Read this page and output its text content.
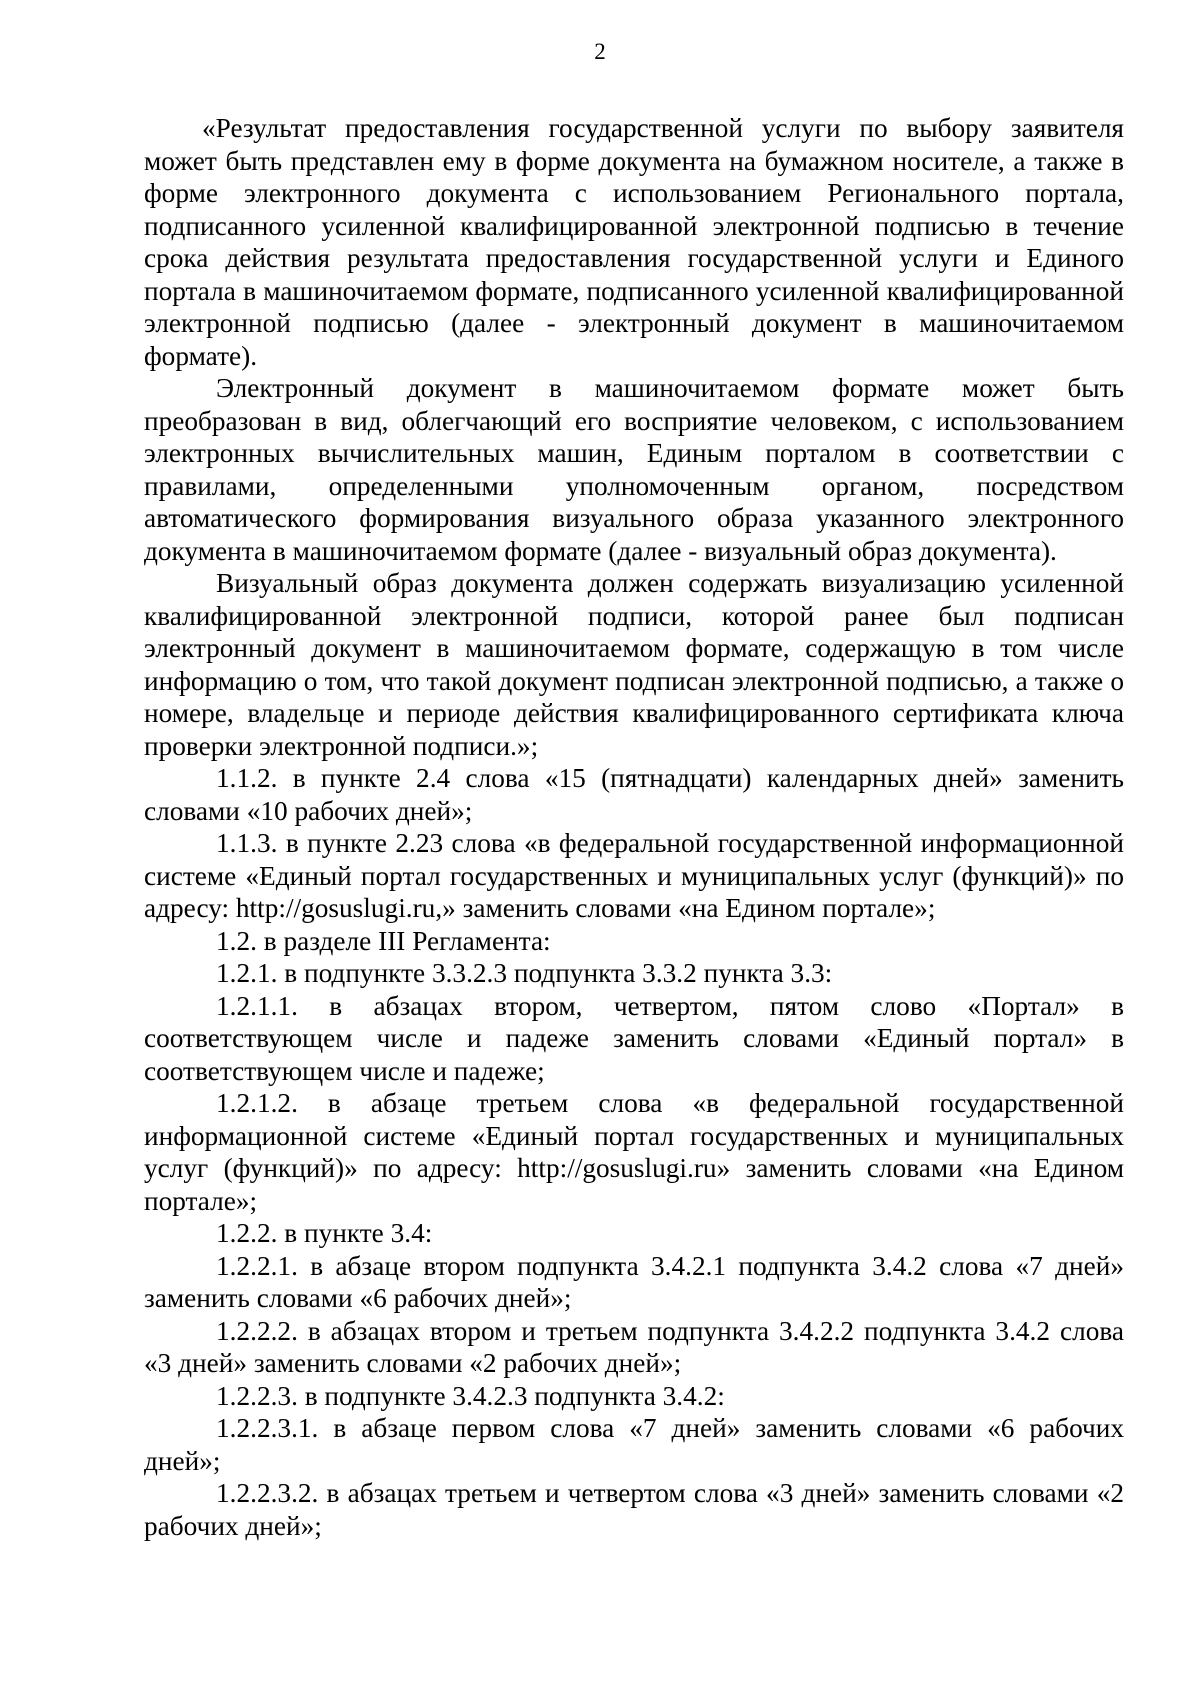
2

«Результат предоставления государственной услуги по выбору заявителя может быть представлен ему в форме документа на бумажном носителе, а также в форме электронного документа с использованием Регионального портала, подписанного усиленной квалифицированной электронной подписью в течение срока действия результата предоставления государственной услуги и Единого портала в машиночитаемом формате, подписанного усиленной квалифицированной электронной подписью (далее - электронный документ в машиночитаемом формате).

Электронный документ в машиночитаемом формате может быть преобразован в вид, облегчающий его восприятие человеком, с использованием электронных вычислительных машин, Единым порталом в соответствии с правилами, определенными уполномоченным органом, посредством автоматического формирования визуального образа указанного электронного документа в машиночитаемом формате (далее - визуальный образ документа).

Визуальный образ документа должен содержать визуализацию усиленной квалифицированной электронной подписи, которой ранее был подписан электронный документ в машиночитаемом формате, содержащую в том числе информацию о том, что такой документ подписан электронной подписью, а также о номере, владельце и периоде действия квалифицированного сертификата ключа проверки электронной подписи.»;

1.1.2. в пункте 2.4 слова «15 (пятнадцати) календарных дней» заменить словами «10 рабочих дней»;

1.1.3. в пункте 2.23 слова «в федеральной государственной информационной системе «Единый портал государственных и муниципальных услуг (функций)» по адресу: http://gosuslugi.ru,» заменить словами «на Едином портале»;

1.2. в разделе III Регламента:

1.2.1. в подпункте 3.3.2.3 подпункта 3.3.2 пункта 3.3:

1.2.1.1. в абзацах втором, четвертом, пятом слово «Портал» в соответствующем числе и падеже заменить словами «Единый портал» в соответствующем числе и падеже;

1.2.1.2. в абзаце третьем слова «в федеральной государственной информационной системе «Единый портал государственных и муниципальных услуг (функций)» по адресу: http://gosuslugi.ru» заменить словами «на Едином портале»;

1.2.2. в пункте 3.4:

1.2.2.1. в абзаце втором подпункта 3.4.2.1 подпункта 3.4.2 слова «7 дней» заменить словами «6 рабочих дней»;

1.2.2.2. в абзацах втором и третьем подпункта 3.4.2.2 подпункта 3.4.2 слова «3 дней» заменить словами «2 рабочих дней»;

1.2.2.3. в подпункте 3.4.2.3 подпункта 3.4.2:

1.2.2.3.1. в абзаце первом слова «7 дней» заменить словами «6 рабочих дней»;

1.2.2.3.2. в абзацах третьем и четвертом слова «3 дней» заменить словами «2 рабочих дней»;
